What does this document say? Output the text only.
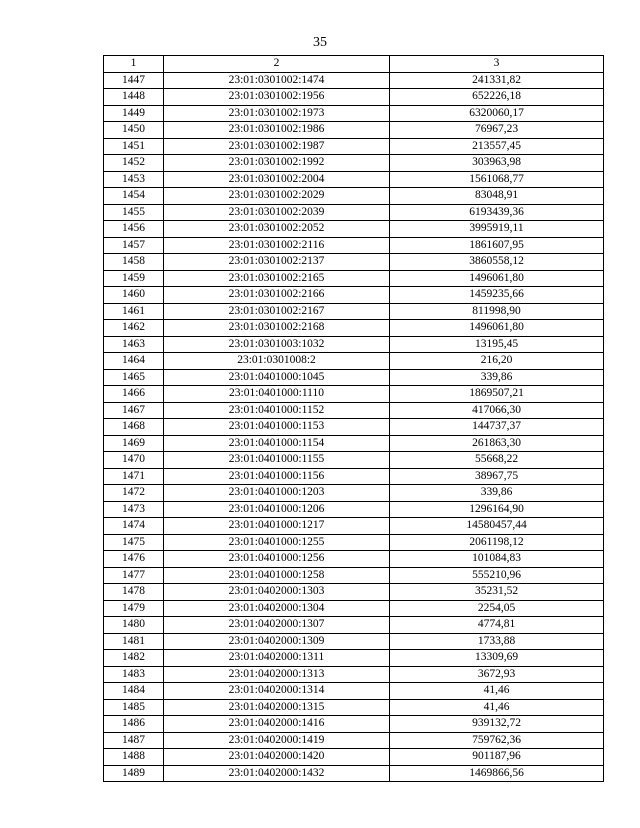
35
1	2	3
1447	23:01:0301002:1474	241331,82
1448	23:01:0301002:1956	652226,18
1449	23:01:0301002:1973	6320060,17
1450	23:01:0301002:1986	76967,23
1451	23:01:0301002:1987	213557,45
1452	23:01:0301002:1992	303963,98
1453	23:01:0301002:2004	1561068,77
1454	23:01:0301002:2029	83048,91
1455	23:01:0301002:2039	6193439,36
1456	23:01:0301002:2052	3995919,11
1457	23:01:0301002:2116	1861607,95
1458	23:01:0301002:2137	3860558,12
1459	23:01:0301002:2165	1496061,80
1460	23:01:0301002:2166	1459235,66
1461	23:01:0301002:2167	811998,90
1462	23:01:0301002:2168	1496061,80
1463	23:01:0301003:1032	13195,45
1464	23:01:0301008:2	216,20
1465	23:01:0401000:1045	339,86
1466	23:01:0401000:1110	1869507,21
1467	23:01:0401000:1152	417066,30
1468	23:01:0401000:1153	144737,37
1469	23:01:0401000:1154	261863,30
1470	23:01:0401000:1155	55668,22
1471	23:01:0401000:1156	38967,75
1472	23:01:0401000:1203	339,86
1473	23:01:0401000:1206	1296164,90
1474	23:01:0401000:1217	14580457,44
1475	23:01:0401000:1255	2061198,12
1476	23:01:0401000:1256	101084,83
1477	23:01:0401000:1258	555210,96
1478	23:01:0402000:1303	35231,52
1479	23:01:0402000:1304	2254,05
1480	23:01:0402000:1307	4774,81
1481	23:01:0402000:1309	1733,88
1482	23:01:0402000:1311	13309,69
1483	23:01:0402000:1313	3672,93
1484	23:01:0402000:1314	41,46
1485	23:01:0402000:1315	41,46
1486	23:01:0402000:1416	939132,72
1487	23:01:0402000:1419	759762,36
1488	23:01:0402000:1420	901187,96
1489	23:01:0402000:1432	1469866,56
